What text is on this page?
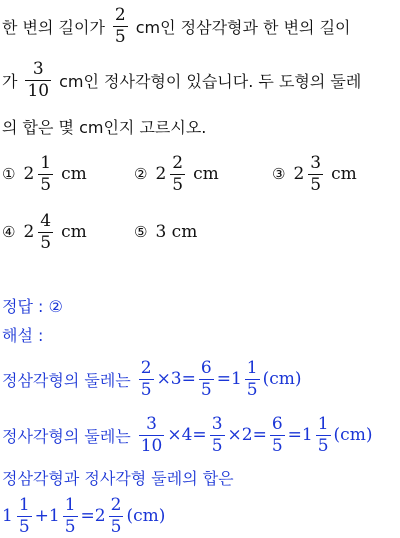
한 변의 길이가 $\frac{2}{5}$ cm인 정삼각형과 한 변의 길이
가 $\frac{3}{10}$ cm인 정사각형이 있습니다. 두 도형의 둘레
의 합은 몇 cm인지 고르시오.
① $2 \frac{1}{5}$ cm	② $2 \frac{2}{5}$ cm	③ $2 \frac{3}{5}$ cm
④ $2 \frac{4}{5}$ cm	⑤ 3 cm
정답 : ②
해설 :
정삼각형의 둘레는 $\frac{2}{5} \times 3= \frac{6}{5} =1 \frac{1}{5} (cm)$
정사각형의 둘레는 $\frac{3}{10} \times 4= \frac{3}{5} \times 2= \frac{6}{5} =1 \frac{1}{5} (cm)$
정삼각형과 정사각형 둘레의 합은
$1 \frac{1}{5} +1 \frac{1}{5} =2 \frac{2}{5} (cm)$
